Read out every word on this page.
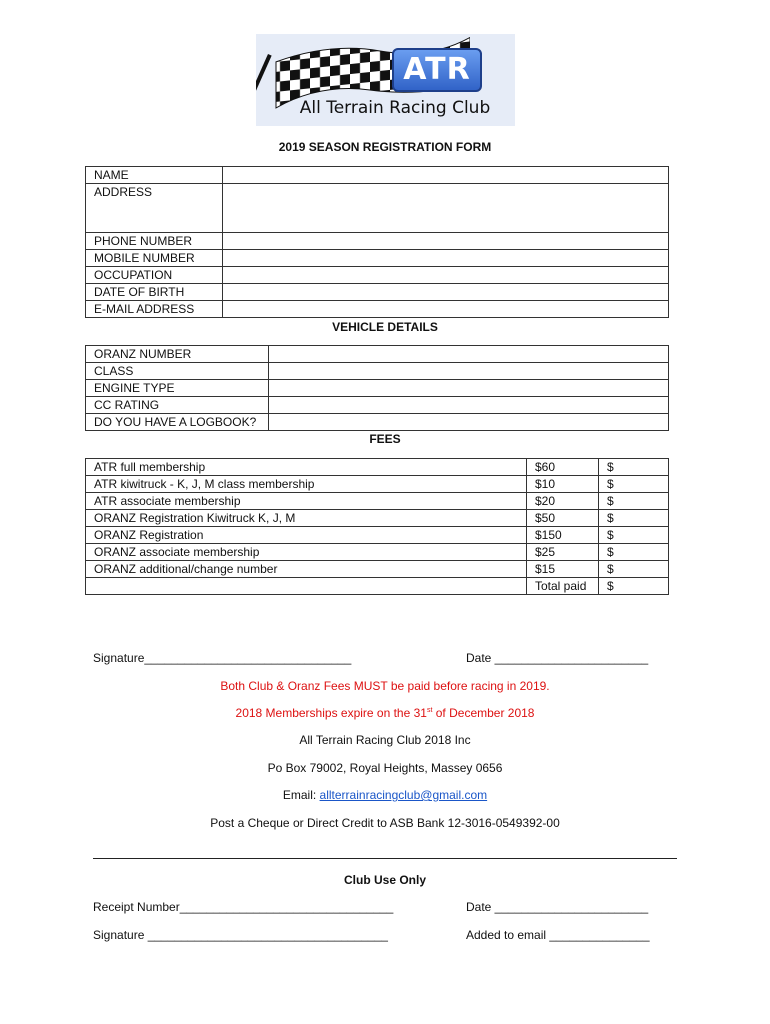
ATR
All Terrain Racing Club
2019 SEASON REGISTRATION FORM
NAME	
ADDRESS	
PHONE NUMBER	
MOBILE NUMBER	
OCCUPATION	
DATE OF BIRTH	
E-MAIL ADDRESS	
VEHICLE DETAILS
ORANZ NUMBER	
CLASS	
ENGINE TYPE	
CC RATING	
DO YOU HAVE A LOGBOOK?	
FEES
ATR full membership	$60	$
ATR kiwitruck - K, J, M class membership	$10	$
ATR associate membership	$20	$
ORANZ Registration Kiwitruck K, J, M	$50	$
ORANZ Registration	$150	$
ORANZ associate membership	$25	$
ORANZ additional/change number	$15	$
	Total paid	$
Signature_______________________________	Date _______________________
Both Club & Oranz Fees MUST be paid before racing in 2019.
2018 Memberships expire on the 31st of December 2018
All Terrain Racing Club 2018 Inc
Po Box 79002, Royal Heights, Massey 0656
Email: allterrainracingclub@gmail.com
Post a Cheque or Direct Credit to ASB Bank 12-3016-0549392-00
Club Use Only
Receipt Number________________________________	Date _______________________
Signature ____________________________________	Added to email _______________
